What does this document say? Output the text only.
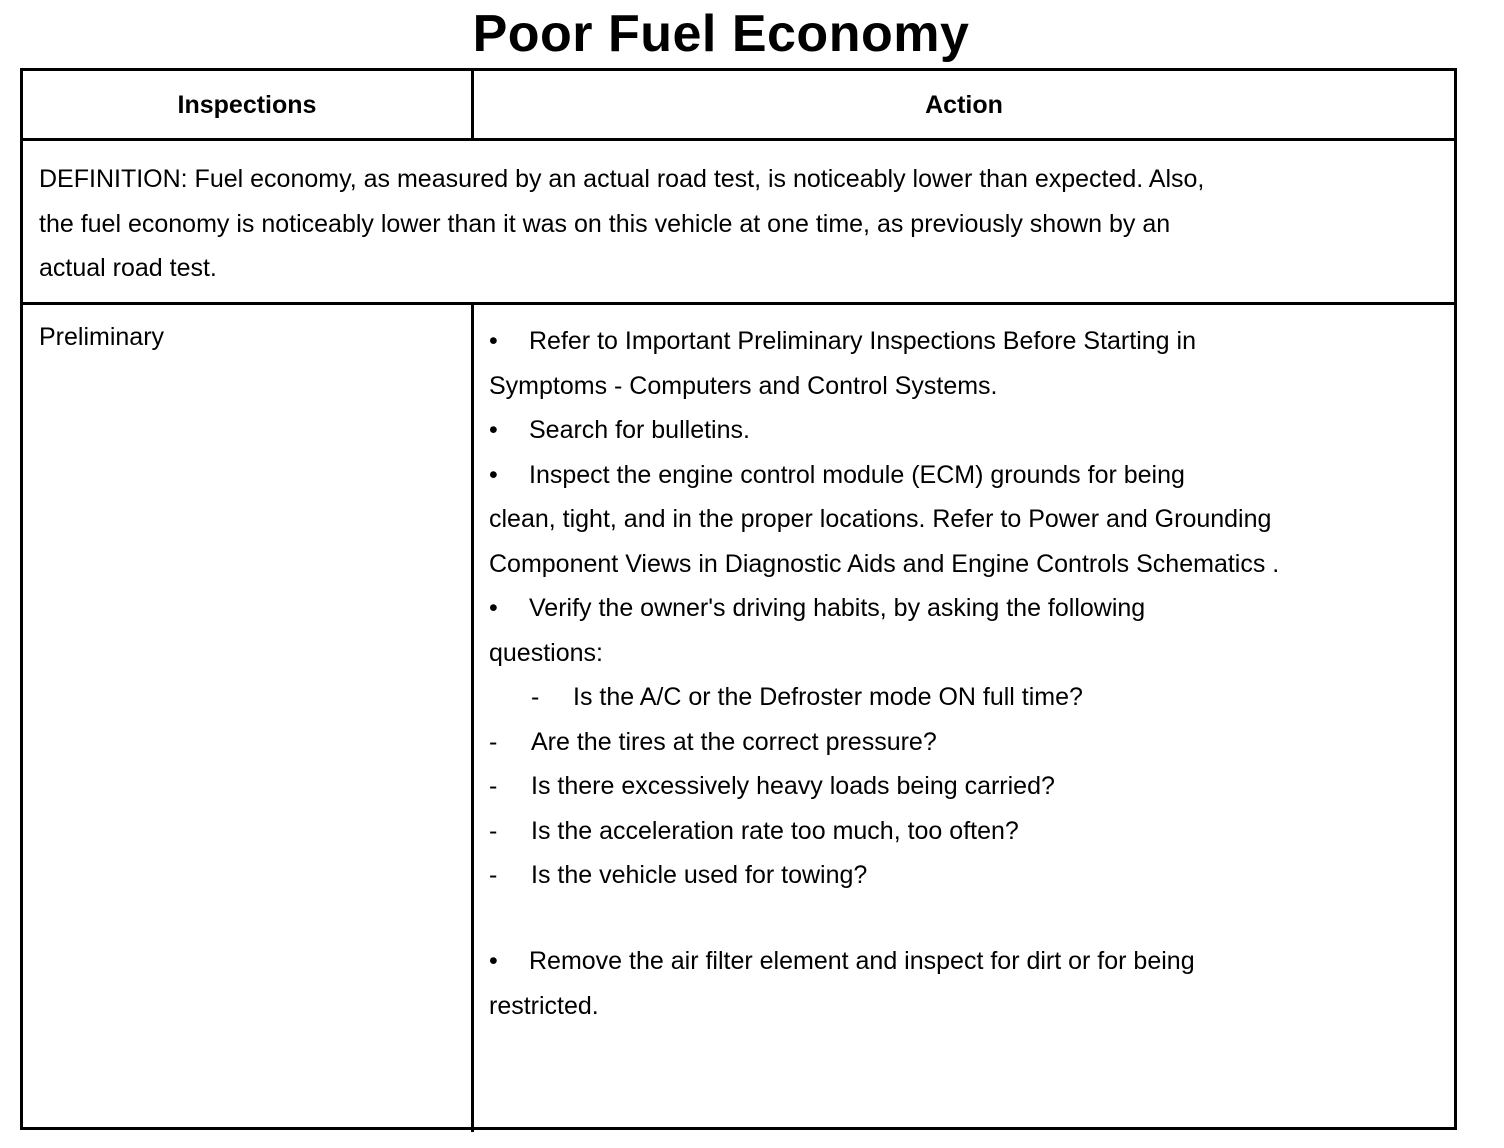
Poor Fuel Economy
Inspections	Action
DEFINITION: Fuel economy, as measured by an actual road test, is noticeably lower than expected. Also,
the fuel economy is noticeably lower than it was on this vehicle at one time, as previously shown by an
actual road test.
Preliminary	• Refer to Important Preliminary Inspections Before Starting in
Symptoms - Computers and Control Systems.
• Search for bulletins.
• Inspect the engine control module (ECM) grounds for being
clean, tight, and in the proper locations. Refer to Power and Grounding
Component Views in Diagnostic Aids and Engine Controls Schematics .
• Verify the owner's driving habits, by asking the following
questions:
- Is the A/C or the Defroster mode ON full time?
- Are the tires at the correct pressure?
- Is there excessively heavy loads being carried?
- Is the acceleration rate too much, too often?
- Is the vehicle used for towing?
• Remove the air filter element and inspect for dirt or for being
restricted.
